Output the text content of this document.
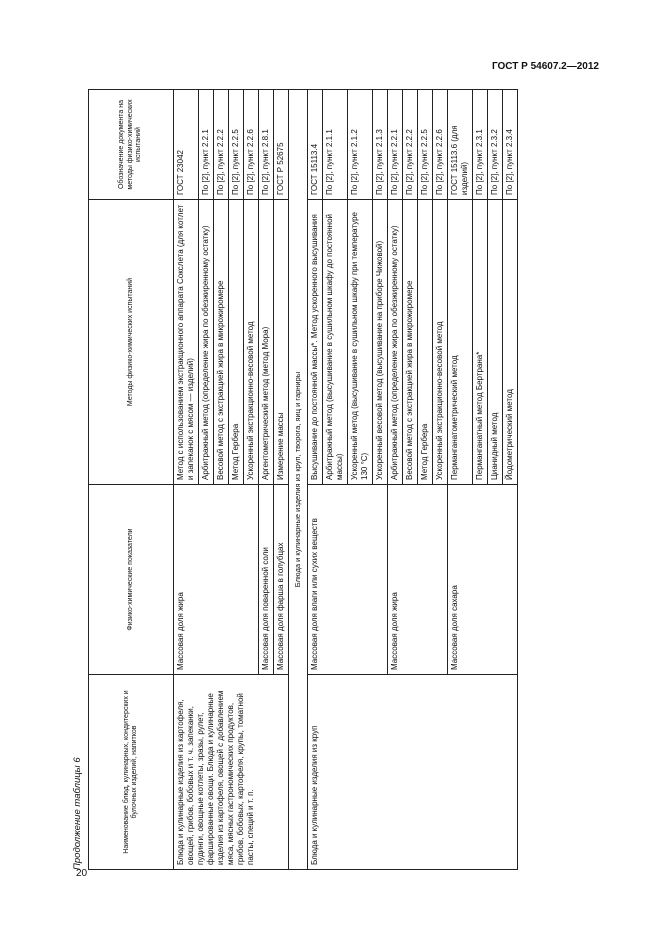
ГОСТ Р 54607.2—2012
Продолжение таблицы 6	Наименование блюд, кулинарных, кондитерских и булочных изделий, напитков	Физико-химические показатели	Методы физико-химических испытаний	Обозначение документа на методы физико-химических испытаний
Блюда и кулинарные изделия из картофеля, овощей, грибов, бобовых и т. ч. запеканки, пудинги, овощные котлеты, зразы, рулет, фаршированные овощи. Блюда и кулинарные изделия из картофеля, овощей с добавлением мяса, мясных гастрономических продуктов, грибов, бобовых, картофеля, крупы, томатной пасты, специй и т. п.	Массовая доля жира	Метод с использованием экстракционного аппарата Сокслета (для котлет и запеканок с мясом — изделий)	ГОСТ 23042
		Арбитражный метод (определение жира по обезжиренному остатку)	По [2], пункт 2.2.1
		Весовой метод с экстракцией жира в микрожиромере	По [2], пункт 2.2.2
		Метод Гербера	По [2], пункт 2.2.5
		Ускоренный экстракционно-весовой метод	По [2], пункт 2.2.6
	Массовая доля поваренной соли	Аргентометрический метод (метод Мора)	По [2], пункт 2.8.1
	Массовая доля фарша в голубцах	Измерение массы	ГОСТ Р 52675
Блюда и кулинарные изделия из круп, творога, яиц и гарниры			
Блюда и кулинарные изделия из круп	Массовая доля влаги или сухих веществ	Высушивание до постоянной массы*. Метод ускоренного высушивания	ГОСТ 15113.4
		Арбитражный метод (высушивание в сушильном шкафу до постоянной массы)	По [2], пункт 2.1.1
		Ускоренный метод (высушивание в сушильном шкафу при температуре 130 °С)	По [2], пункт 2.1.2
		Ускоренный весовой метод (высушивание на приборе Чижовой)	По [2], пункт 2.1.3
	Массовая доля жира	Арбитражный метод (определение жира по обезжиренному остатку)	По [2], пункт 2.2.1
		Весовой метод с экстракцией жира в микрожиромере	По [2], пункт 2.2.2
		Метод Гербера	По [2], пункт 2.2.5
		Ускоренный экстракционно-весовой метод	По [2], пункт 2.2.6
	Массовая доля сахара	Перманганатометрический метод	ГОСТ 15113.6 (для изделий)
		Перманганатный метод Бертрана*	По [2], пункт 2.3.1
		Цианидный метод	По [2], пункт 2.3.2
		Йодометрический метод	По [2], пункт 2.3.4
20
